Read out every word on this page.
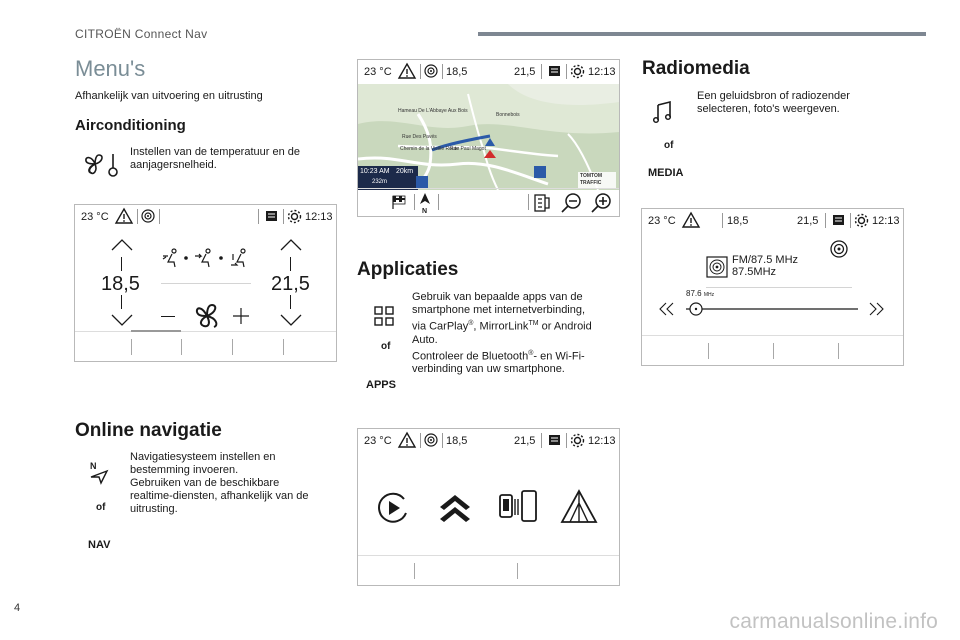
CITROËN Connect Nav
Menu's
Afhankelijk van uitvoering en uitrusting
Airconditioning
Instellen van de temperatuur en de
aanjagersnelheid.
23 °C	12:13
18,5	21,5
Online navigatie
N
of
NAV
Navigatiesysteem instellen en
bestemming invoeren.
Gebruiken van de beschikbare
realtime-diensten, afhankelijk van de
uitrusting.
23 °C	18,5	21,5	12:13
Hameau De L'Abbaye Aux Bois
Rue Des Pavés
Chemin de la Vieille Route
Rue Paul Magot
Bonnebois
10:23 AM 20km
232m
TOMTOM
TRAFFIC
N
Applicaties
of
APPS
Gebruik van bepaalde apps van de
smartphone met internetverbinding,
via CarPlay®, MirrorLink™ or Android
Auto.
Controleer de Bluetooth®- en Wi-Fi-
verbinding van uw smartphone.
23 °C	18,5	21,5	12:13
Radiomedia
of
MEDIA
Een geluidsbron of radiozender
selecteren, foto's weergeven.
23 °C	18,5	21,5	12:13
FM/87.5 MHz
87.5MHz
87.6 MHz
4
carmanualsonline.info
